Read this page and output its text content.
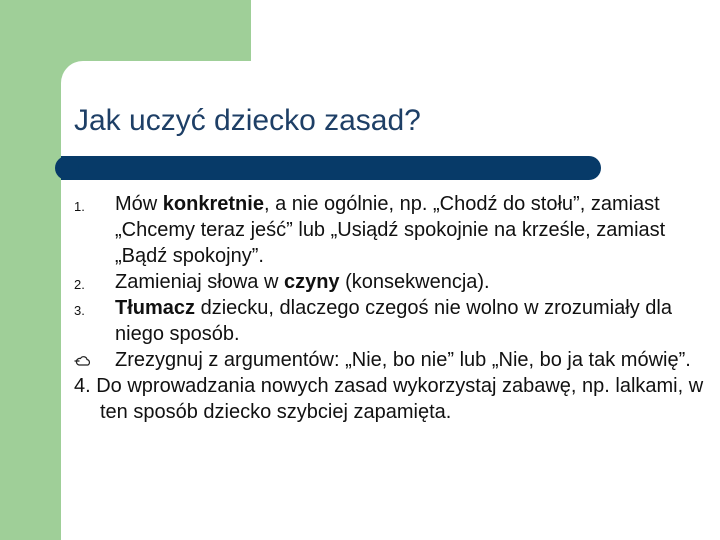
Jak uczyć dziecko zasad?
1.	Mów konkretnie, a nie ogólnie, np. „Chodź do stołu”, zamiast „Chcemy teraz jeść” lub „Usiądź spokojnie na krześle, zamiast „Bądź spokojny”.
2.	Zamieniaj słowa w czyny (konsekwencja).
3.	Tłumacz dziecku, dlaczego czegoś nie wolno w zrozumiały dla niego sposób.
Zrezygnuj z argumentów: „Nie, bo nie” lub „Nie, bo ja tak mówię”.
4. Do wprowadzania nowych zasad wykorzystaj zabawę, np. lalkami, w ten sposób dziecko szybciej zapamięta.
